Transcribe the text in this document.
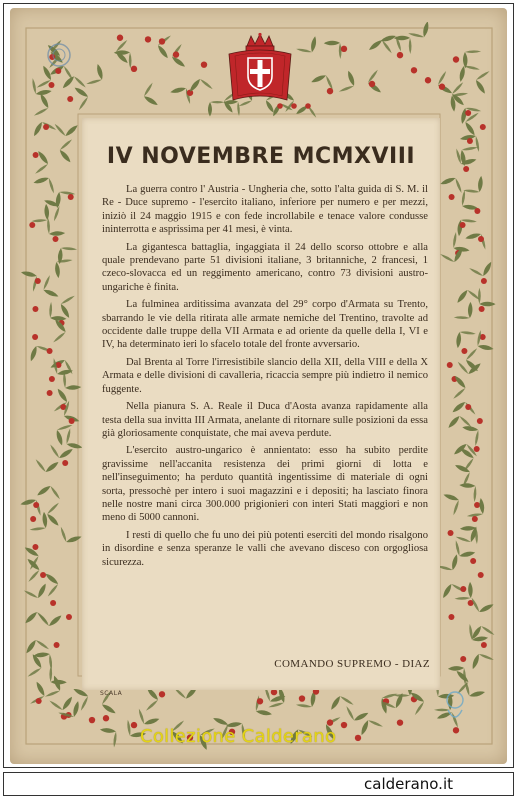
IV NOVEMBRE MCMXVIII

La guerra contro l' Austria - Ungheria che, sotto l'alta guida di S. M. il Re - Duce supremo - l'esercito italiano, inferiore per numero e per mezzi, iniziò il 24 maggio 1915 e con fede incrollabile e tenace valore condusse ininterrotta e asprissima per 41 mesi, è vinta.

La gigantesca battaglia, ingaggiata il 24 dello scorso ottobre e alla quale prendevano parte 51 divisioni italiane, 3 britanniche, 2 francesi, 1 czeco-slovacca ed un reggimento americano, contro 73 divisioni austro-ungariche è finita.

La fulminea arditissima avanzata del 29° corpo d'Armata su Trento, sbarrando le vie della ritirata alle armate nemiche del Trentino, travolte ad occidente dalle truppe della VII Armata e ad oriente da quelle della I, VI e IV, ha determinato ieri lo sfacelo totale del fronte avversario.

Dal Brenta al Torre l'irresistibile slancio della XII, della VIII e della X Armata e delle divisioni di cavalleria, ricaccia sempre più indietro il nemico fuggente.

Nella pianura S. A. Reale il Duca d'Aosta avanza rapidamente alla testa della sua invitta III Armata, anelante di ritornare sulle posizioni da essa già gloriosamente conquistate, che mai aveva perdute.

L'esercito austro-ungarico è annientato: esso ha subito perdite gravissime nell'accanita resistenza dei primi giorni di lotta e nell'inseguimento; ha perduto quantità ingentissime di materiale di ogni sorta, pressochè per intero i suoi magazzini e i depositi; ha lasciato finora nelle nostre mani circa 300.000 prigionieri con interi Stati maggiori e non meno di 5000 cannoni.

I resti di quello che fu uno dei più potenti eserciti del mondo risalgono in disordine e senza speranze le valli che avevano disceso con orgogliosa sicurezza.

COMANDO SUPREMO - DIAZ

SCALA

Collezione Calderano

calderano.it
